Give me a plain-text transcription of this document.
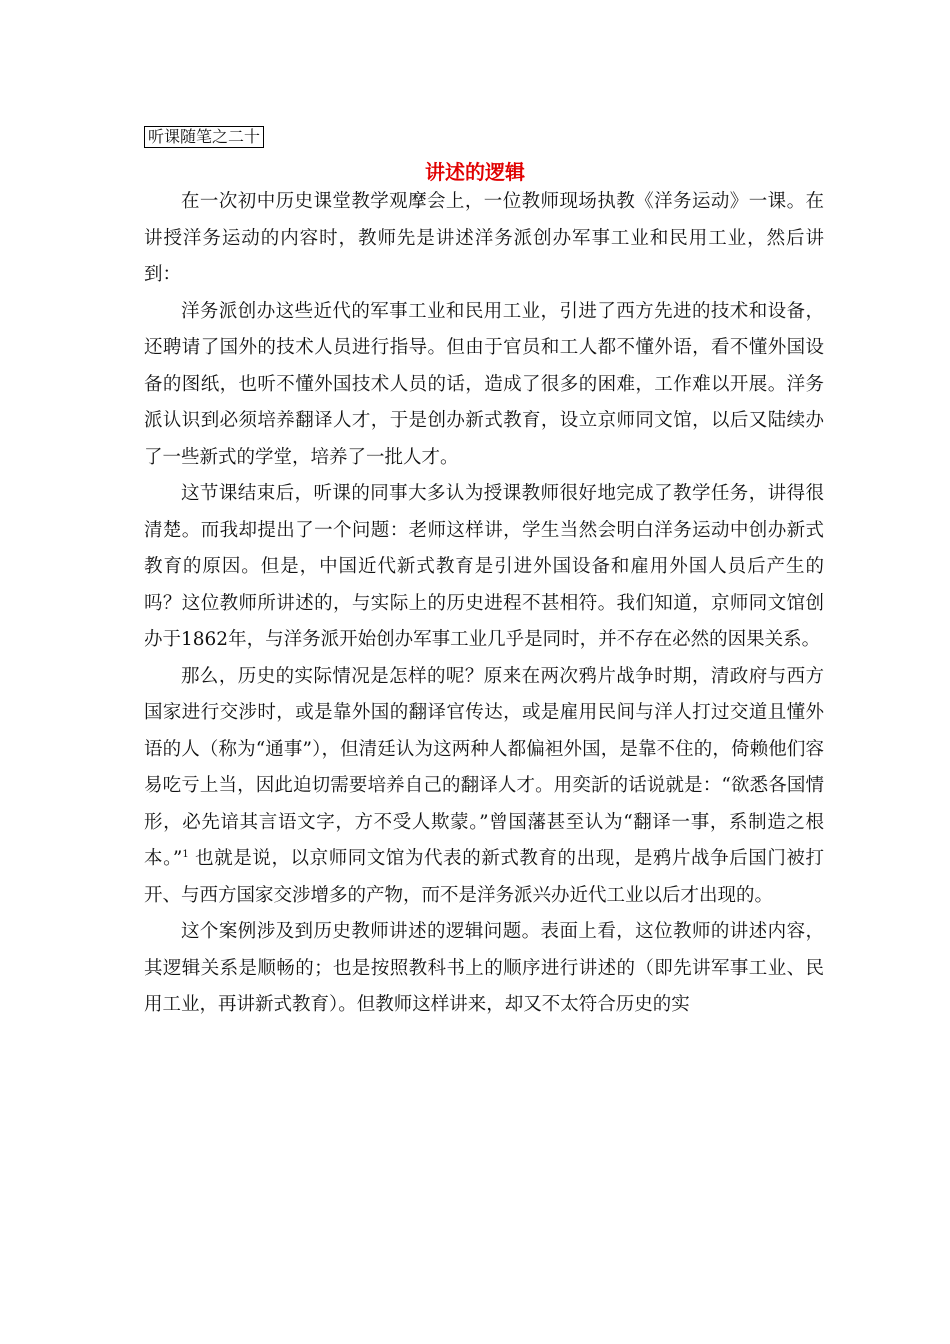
听课随笔之二十
讲述的逻辑

在一次初中历史课堂教学观摩会上，一位教师现场执教《洋务运动》一课。在讲授洋务运动的内容时，教师先是讲述洋务派创办军事工业和民用工业，然后讲到：

洋务派创办这些近代的军事工业和民用工业，引进了西方先进的技术和设备，还聘请了国外的技术人员进行指导。但由于官员和工人都不懂外语，看不懂外国设备的图纸，也听不懂外国技术人员的话，造成了很多的困难，工作难以开展。洋务派认识到必须培养翻译人才，于是创办新式教育，设立京师同文馆，以后又陆续办了一些新式的学堂，培养了一批人才。

这节课结束后，听课的同事大多认为授课教师很好地完成了教学任务，讲得很清楚。而我却提出了一个问题：老师这样讲，学生当然会明白洋务运动中创办新式教育的原因。但是，中国近代新式教育是引进外国设备和雇用外国人员后产生的吗？这位教师所讲述的，与实际上的历史进程不甚相符。我们知道，京师同文馆创办于1862年，与洋务派开始创办军事工业几乎是同时，并不存在必然的因果关系。

那么，历史的实际情况是怎样的呢？原来在两次鸦片战争时期，清政府与西方国家进行交涉时，或是靠外国的翻译官传达，或是雇用民间与洋人打过交道且懂外语的人（称为“通事”），但清廷认为这两种人都偏袒外国，是靠不住的，倚赖他们容易吃亏上当，因此迫切需要培养自己的翻译人才。用奕訢的话说就是：“欲悉各国情形，必先谙其言语文字，方不受人欺蒙。”曾国藩甚至认为“翻译一事，系制造之根本。”$^1$ 也就是说，以京师同文馆为代表的新式教育的出现，是鸦片战争后国门被打开、与西方国家交涉增多的产物，而不是洋务派兴办近代工业以后才出现的。

这个案例涉及到历史教师讲述的逻辑问题。表面上看，这位教师的讲述内容，其逻辑关系是顺畅的；也是按照教科书上的顺序进行讲述的（即先讲军事工业、民用工业，再讲新式教育）。但教师这样讲来，却又不太符合历史的实
